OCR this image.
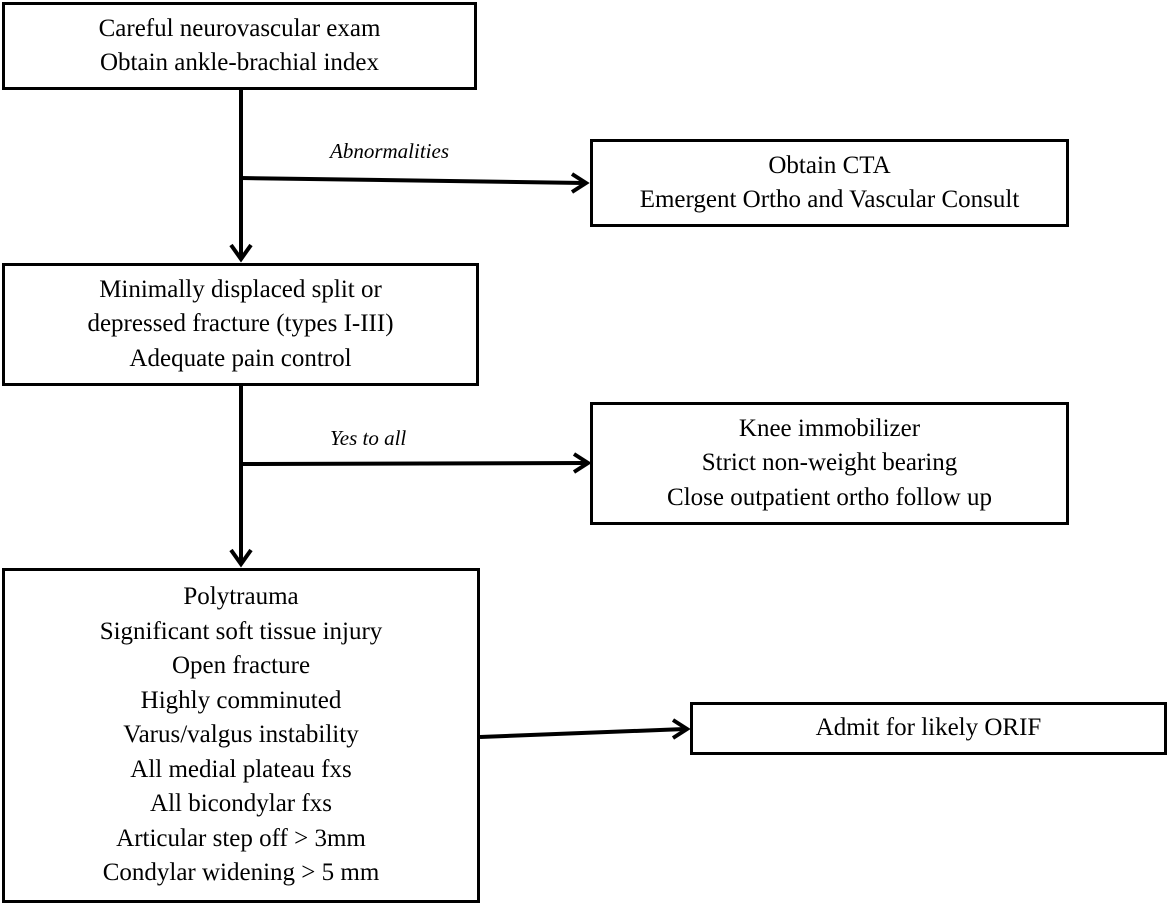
Careful neurovascular exam
Obtain ankle-brachial index
Abnormalities
Obtain CTA
Emergent Ortho and Vascular Consult
Minimally displaced split or
depressed fracture (types I-III)
Adequate pain control
Yes to all	Knee immobilizer
Strict non-weight bearing
Close outpatient ortho follow up
Polytrauma
Significant soft tissue injury
Open fracture
Highly comminuted
Varus/valgus instability
All medial plateau fxs
All bicondylar fxs
Articular step off > 3mm
Condylar widening > 5 mm
Admit for likely ORIF
